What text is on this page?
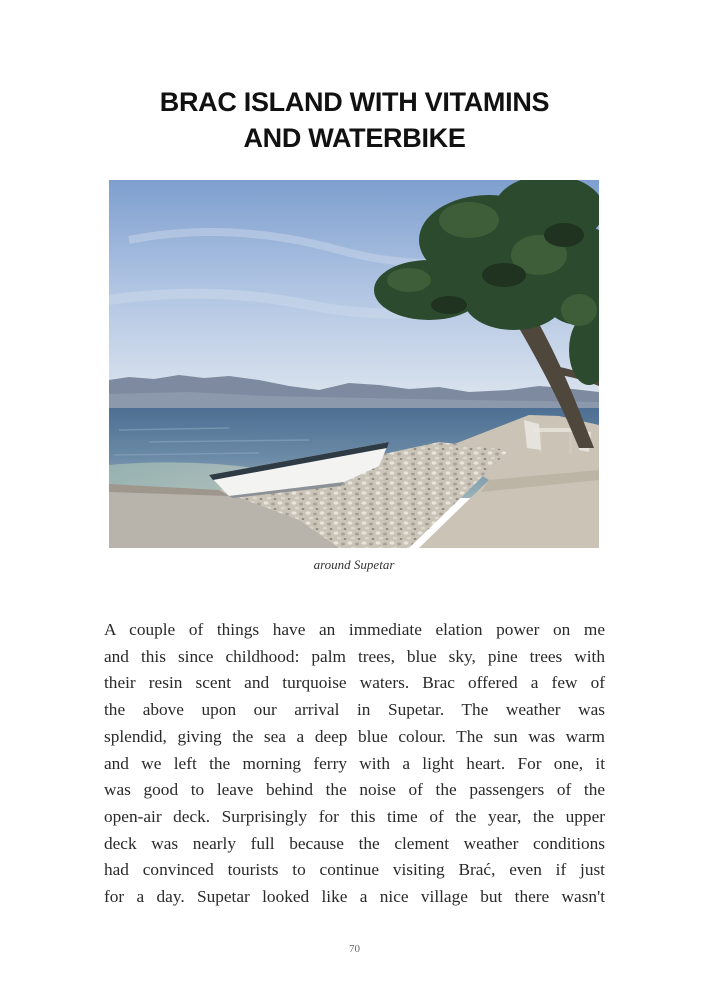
BRAC ISLAND WITH VITAMINS
AND WATERBIKE
around Supetar

A couple of things have an immediate elation power on me

and this since childhood: palm trees, blue sky, pine trees with

their resin scent and turquoise waters. Brac offered a few of

the above upon our arrival in Supetar. The weather was

splendid, giving the sea a deep blue colour. The sun was warm

and we left the morning ferry with a light heart. For one, it

was good to leave behind the noise of the passengers of the

open-air deck. Surprisingly for this time of the year, the upper

deck was nearly full because the clement weather conditions

had convinced tourists to continue visiting Brać, even if just

for a day. Supetar looked like a nice village but there wasn't

70
